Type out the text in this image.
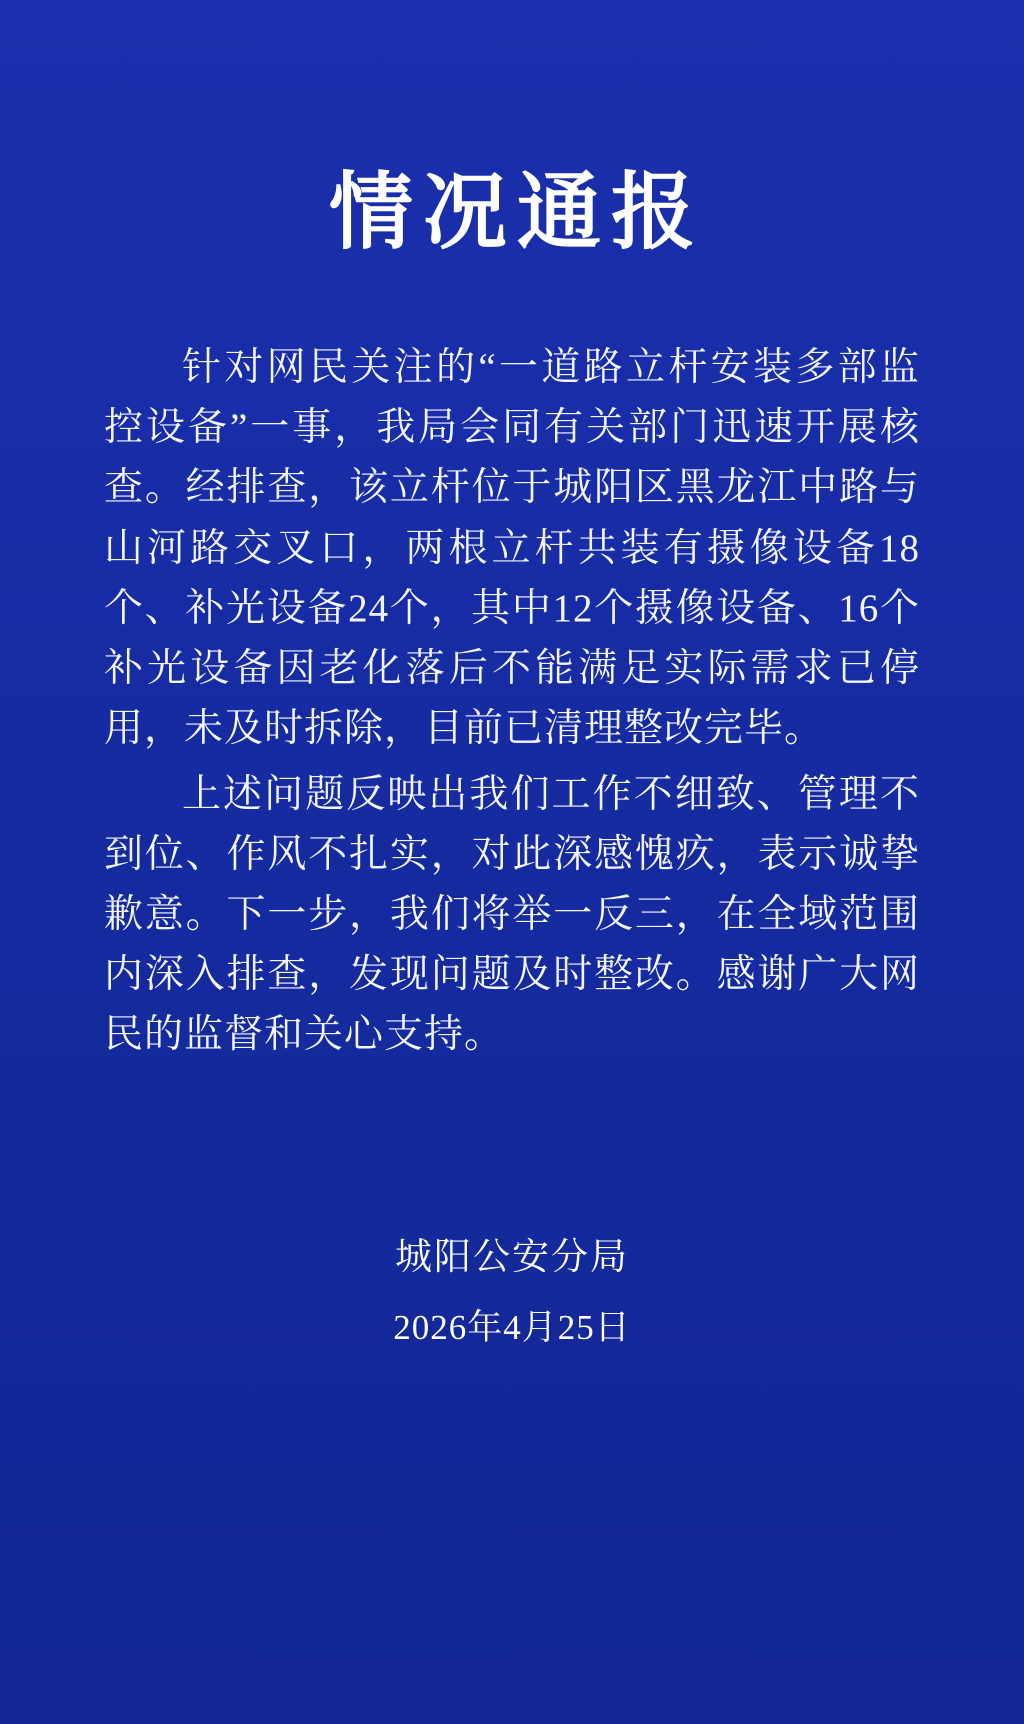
情况通报

针对网民关注的“一道路立杆安装多部监控设备”一事，我局会同有关部门迅速开展核查。经排查，该立杆位于城阳区黑龙江中路与山河路交叉口，两根立杆共装有摄像设备18个、补光设备24个，其中12个摄像设备、16个补光设备因老化落后不能满足实际需求已停用，未及时拆除，目前已清理整改完毕。

上述问题反映出我们工作不细致、管理不到位、作风不扎实，对此深感愧疚，表示诚挚歉意。下一步，我们将举一反三，在全域范围内深入排查，发现问题及时整改。感谢广大网民的监督和关心支持。

城阳公安分局
2026年4月25日
